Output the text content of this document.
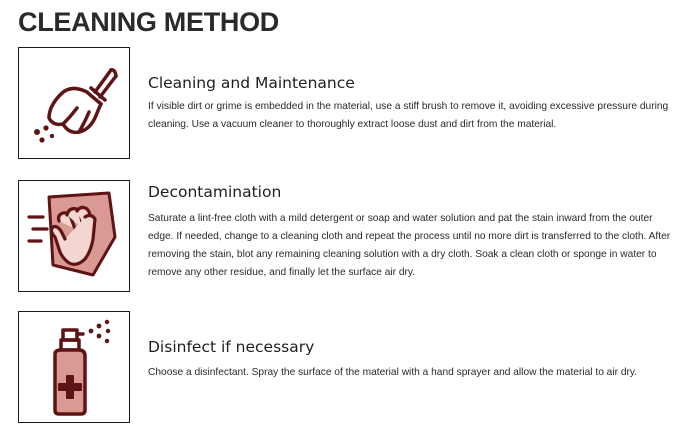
CLEANING METHOD
Cleaning and Maintenance

If visible dirt or grime is embedded in the material, use a stiff brush to remove it, avoiding excessive pressure during cleaning. Use a vacuum cleaner to thoroughly extract loose dust and dirt from the material.

Decontamination

Saturate a lint-free cloth with a mild detergent or soap and water solution and pat the stain inward from the outer edge. If needed, change to a cleaning cloth and repeat the process until no more dirt is transferred to the cloth. After removing the stain, blot any remaining cleaning solution with a dry cloth. Soak a clean cloth or sponge in water to remove any other residue, and finally let the surface air dry.

Disinfect if necessary

Choose a disinfectant. Spray the surface of the material with a hand sprayer and allow the material to air dry.
